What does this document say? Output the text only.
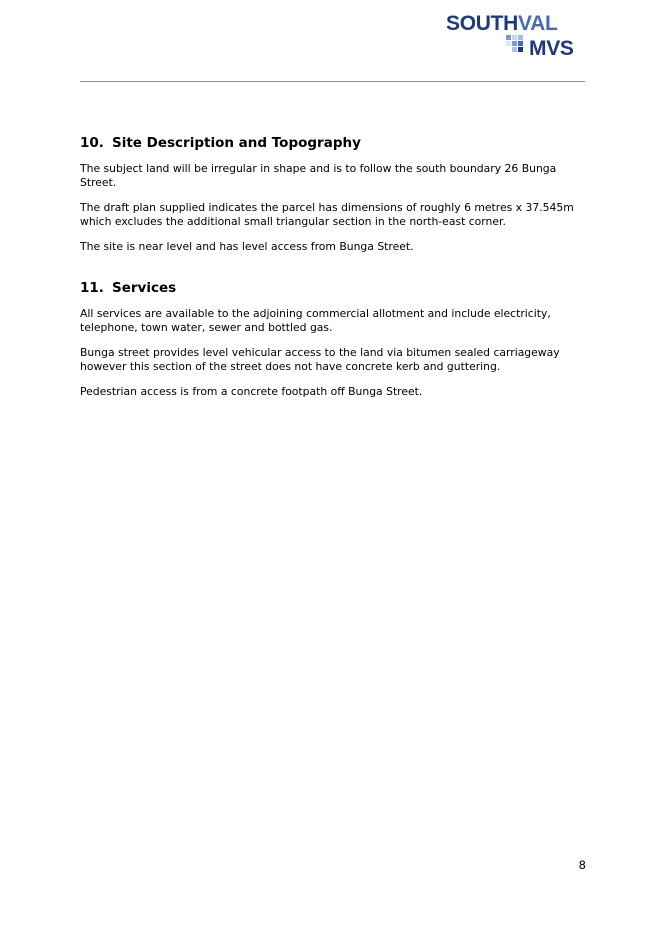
SOUTHVAL
MVS
10. Site Description and Topography

The subject land will be irregular in shape and is to follow the south boundary 26 Bunga Street.

The draft plan supplied indicates the parcel has dimensions of roughly 6 metres x 37.545m which excludes the additional small triangular section in the north-east corner.

The site is near level and has level access from Bunga Street.

11. Services

All services are available to the adjoining commercial allotment and include electricity, telephone, town water, sewer and bottled gas.

Bunga street provides level vehicular access to the land via bitumen sealed carriageway however this section of the street does not have concrete kerb and guttering.

Pedestrian access is from a concrete footpath off Bunga Street.

8
